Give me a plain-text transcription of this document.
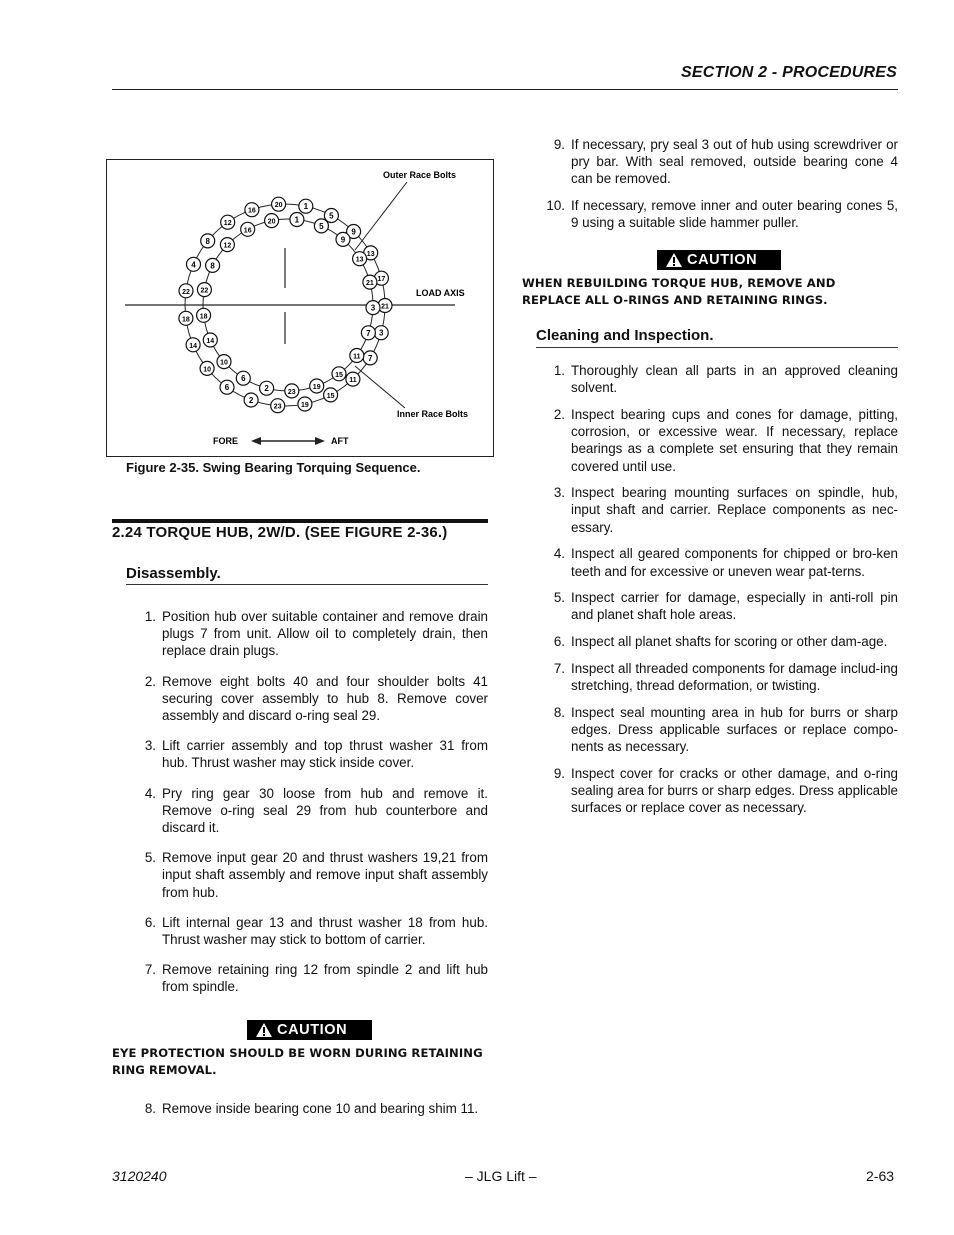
SECTION 2 - PROCEDURES
Outer Race Bolts
LOAD AXIS
Inner Race Bolts
FORE	AFT
1
5
9
13
17
21
3
7
11
15
19
23
2
6
10
14
18
22
4
8
12
16
20
1
5
9
13
21
3
7
11
15
19
23
2
6
10
14
18
22
8
12
16
20
Figure 2-35. Swing Bearing Torquing Sequence.
2.24 TORQUE HUB, 2W/D. (SEE FIGURE 2-36.)
Disassembly.
1. Position hub over suitable container and remove drain plugs 7 from unit. Allow oil to completely drain, then replace drain plugs.
2. Remove eight bolts 40 and four shoulder bolts 41 securing cover assembly to hub 8. Remove cover assembly and discard o-ring seal 29.
3. Lift carrier assembly and top thrust washer 31 from hub. Thrust washer may stick inside cover.
4. Pry ring gear 30 loose from hub and remove it. Remove o-ring seal 29 from hub counterbore and discard it.
5. Remove input gear 20 and thrust washers 19,21 from input shaft assembly and remove input shaft assembly from hub.
6. Lift internal gear 13 and thrust washer 18 from hub. Thrust washer may stick to bottom of carrier.
7. Remove retaining ring 12 from spindle 2 and lift hub from spindle.
CAUTION
EYE PROTECTION SHOULD BE WORN DURING RETAINING RING REMOVAL.
8. Remove inside bearing cone 10 and bearing shim 11.
9. If necessary, pry seal 3 out of hub using screwdriver or pry bar. With seal removed, outside bearing cone 4 can be removed.
10. If necessary, remove inner and outer bearing cones 5, 9 using a suitable slide hammer puller.
CAUTION
WHEN REBUILDING TORQUE HUB, REMOVE AND REPLACE ALL O-RINGS AND RETAINING RINGS.
Cleaning and Inspection.
1. Thoroughly clean all parts in an approved cleaning solvent.
2. Inspect bearing cups and cones for damage, pitting, corrosion, or excessive wear. If necessary, replace bearings as a complete set ensuring that they remain covered until use.
3. Inspect bearing mounting surfaces on spindle, hub, input shaft and carrier. Replace components as nec-essary.
4. Inspect all geared components for chipped or bro-ken teeth and for excessive or uneven wear pat-terns.
5. Inspect carrier for damage, especially in anti-roll pin and planet shaft hole areas.
6. Inspect all planet shafts for scoring or other dam-age.
7. Inspect all threaded components for damage includ-ing stretching, thread deformation, or twisting.
8. Inspect seal mounting area in hub for burrs or sharp edges. Dress applicable surfaces or replace compo-nents as necessary.
9. Inspect cover for cracks or other damage, and o-ring sealing area for burrs or sharp edges. Dress applicable surfaces or replace cover as necessary.
3120240	– JLG Lift –	2-63
